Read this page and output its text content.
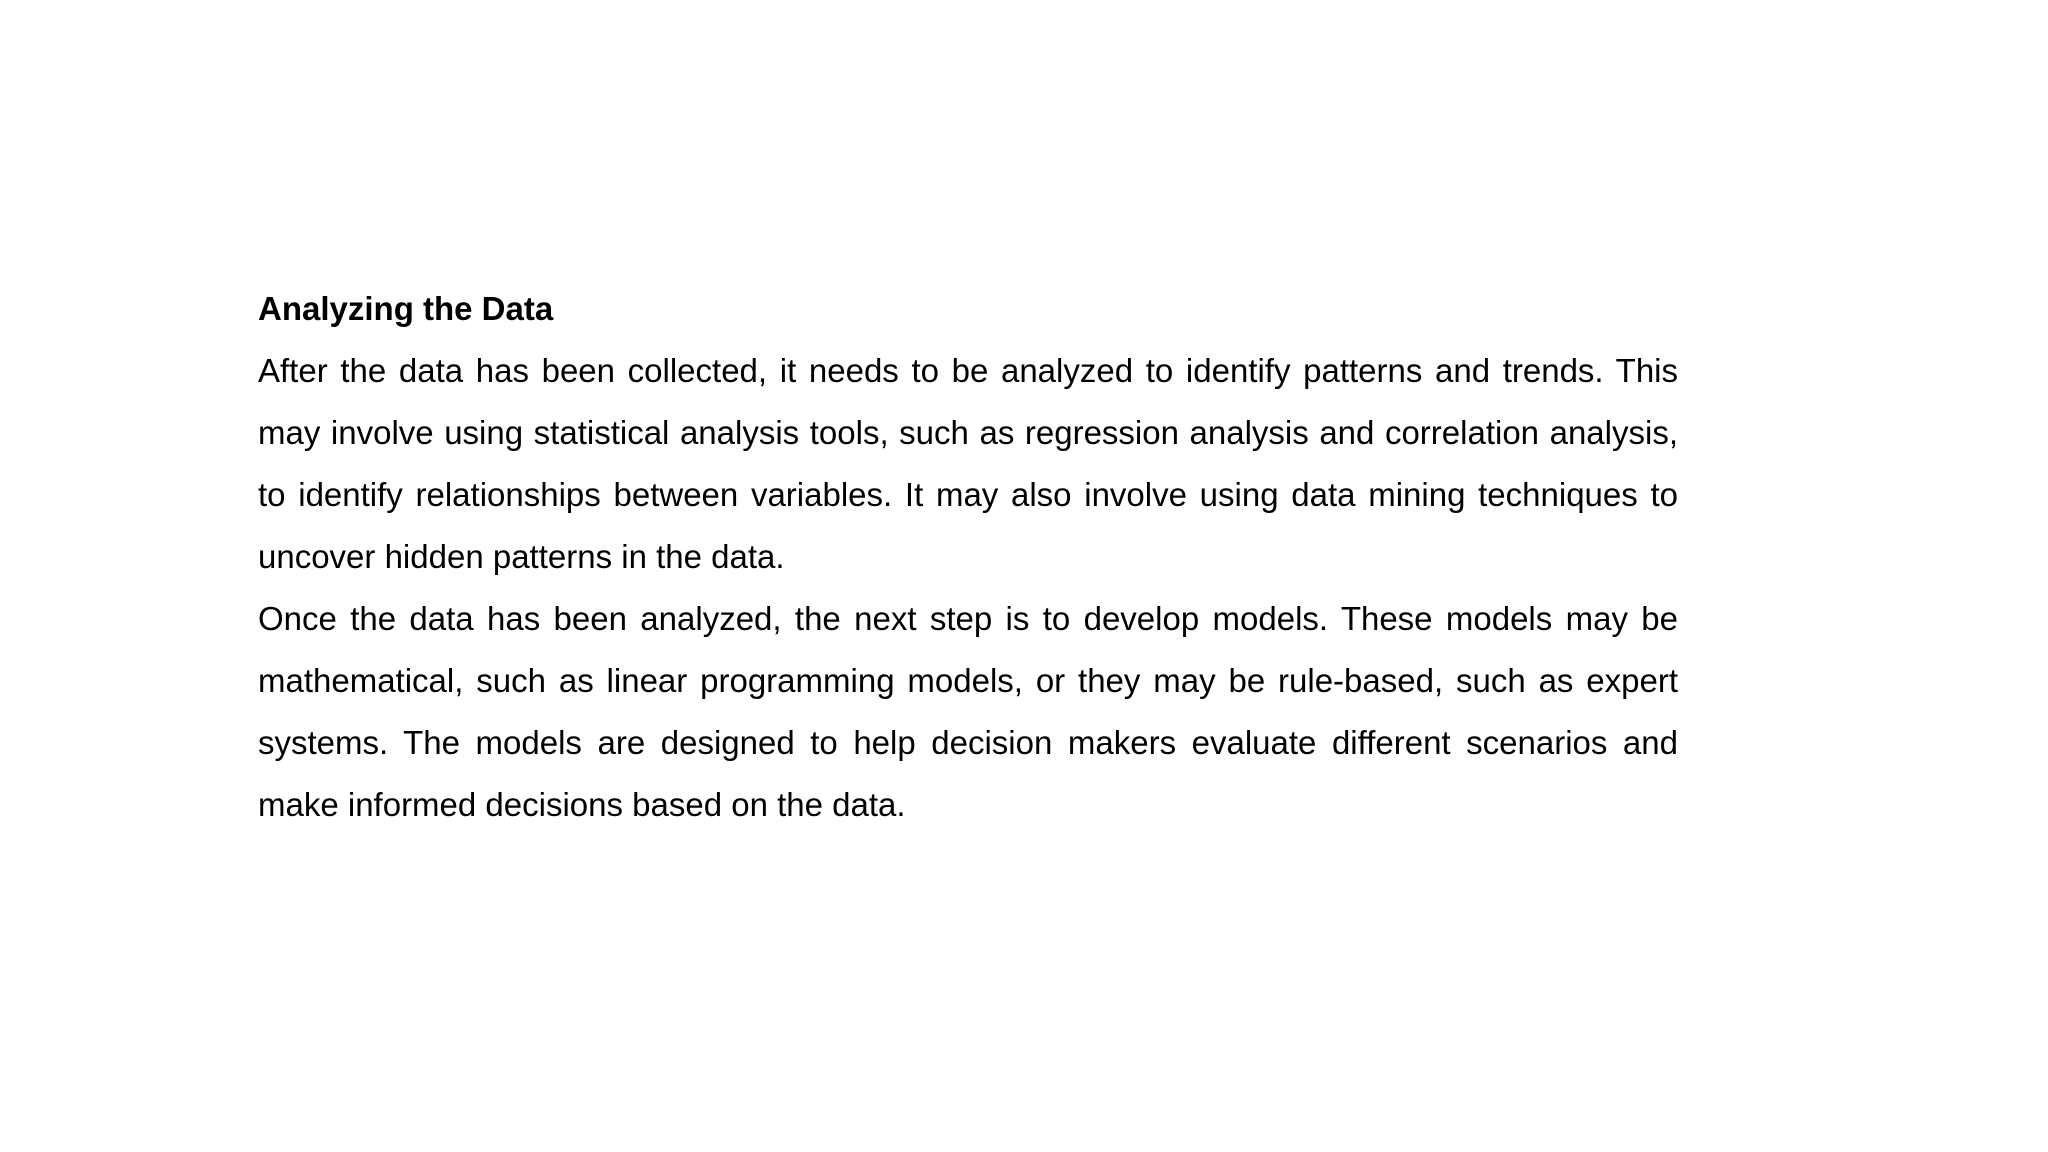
Analyzing the Data

After the data has been collected, it needs to be analyzed to identify patterns and trends. This may involve using statistical analysis tools, such as regression analysis and correlation analysis, to identify relationships between variables. It may also involve using data mining techniques to uncover hidden patterns in the data.

Once the data has been analyzed, the next step is to develop models. These models may be mathematical, such as linear programming models, or they may be rule-based, such as expert systems. The models are designed to help decision makers evaluate different scenarios and make informed decisions based on the data.
